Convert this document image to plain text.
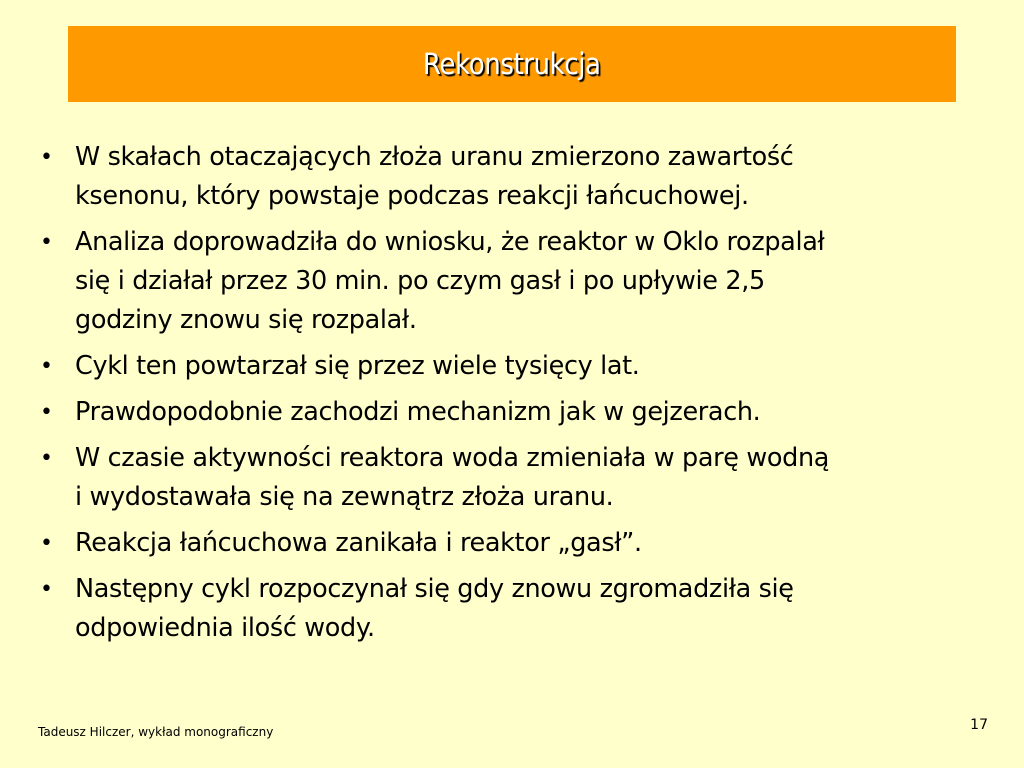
Rekonstrukcja
• W skałach otaczających złoża uranu zmierzono zawartość
ksenonu, który powstaje podczas reakcji łańcuchowej.
• Analiza doprowadziła do wniosku, że reaktor w Oklo rozpalał
się i działał przez 30 min. po czym gasł i po upływie 2,5
godziny znowu się rozpalał.
• Cykl ten powtarzał się przez wiele tysięcy lat.
• Prawdopodobnie zachodzi mechanizm jak w gejzerach.
• W czasie aktywności reaktora woda zmieniała w parę wodną
i wydostawała się na zewnątrz złoża uranu.
• Reakcja łańcuchowa zanikała i reaktor „gasł”.
• Następny cykl rozpoczynał się gdy znowu zgromadziła się
odpowiednia ilość wody.
Tadeusz Hilczer, wykład monograficzny	17
